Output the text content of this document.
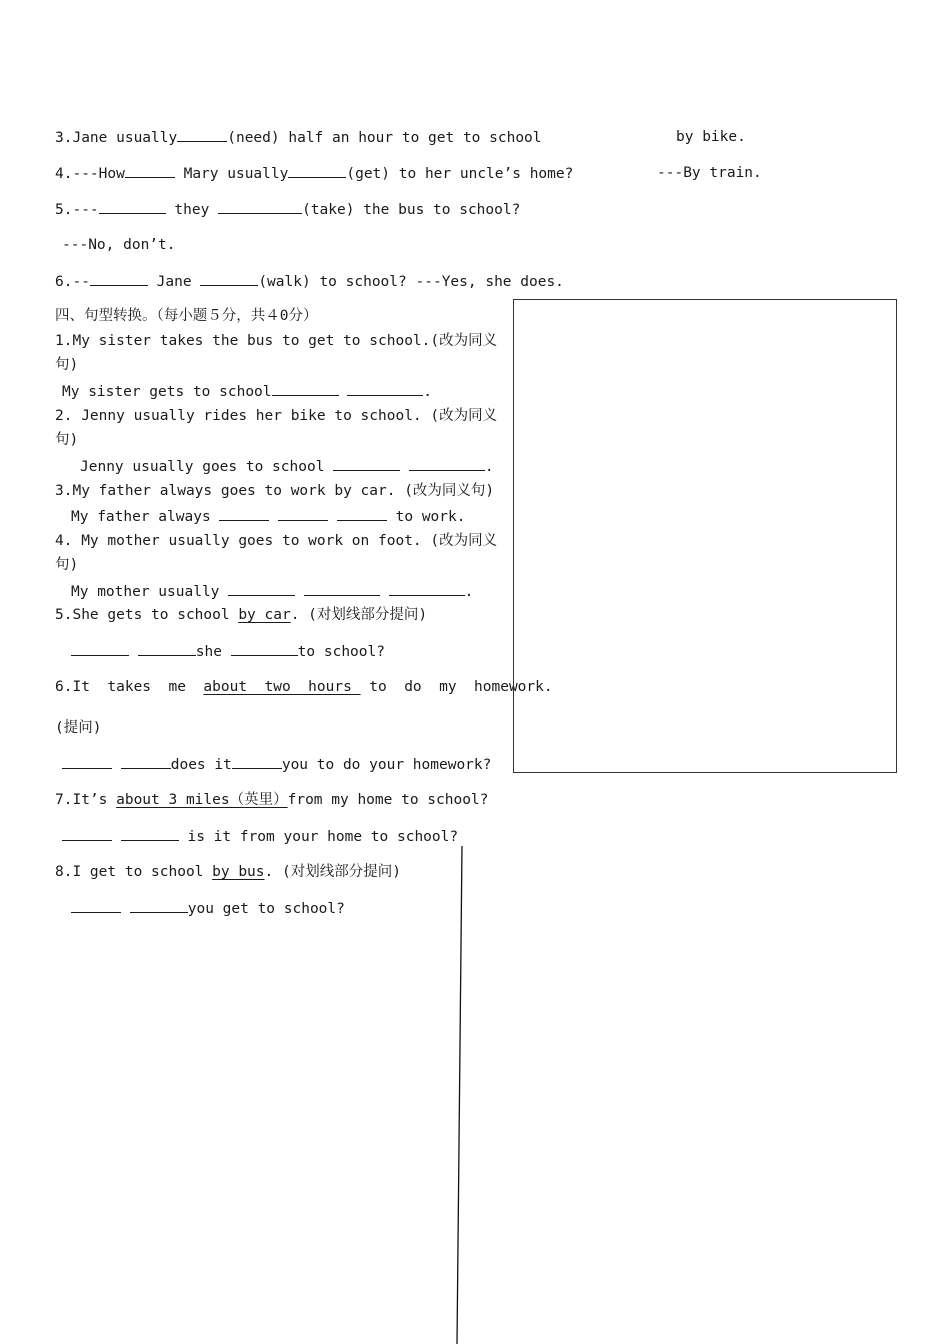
3.Jane usually	(need) half an hour to get to school	by bike.
4.---How	Mary usually	(get) to her uncle’s home?	---By train.
5.---	they	(take) the bus to school?
---No, don’t.
6.--	Jane	(walk) to school? ---Yes, she does.
四、句型转换。（每小题５分，共４0分）
1.My sister takes the bus to get to school.(改为同义
句)
My sister gets to school	.
2. Jenny usually rides her bike to school. (改为同义
句)
Jenny usually goes to school	.
3.My father always goes to work by car. (改为同义句)
My father always	to work.
4. My mother usually goes to work on foot. (改为同义
句)
My mother usually	.
5.She gets to school by car. (对划线部分提问)
she	to school?
6.It  takes  me  about  two  hours  to  do  my  homework.
(提问)
does it	you to do your homework?
7.It’s about 3 miles（英里）from my home to school?
is it from your home to school?
8.I get to school by bus. (对划线部分提问)
you get to school?
